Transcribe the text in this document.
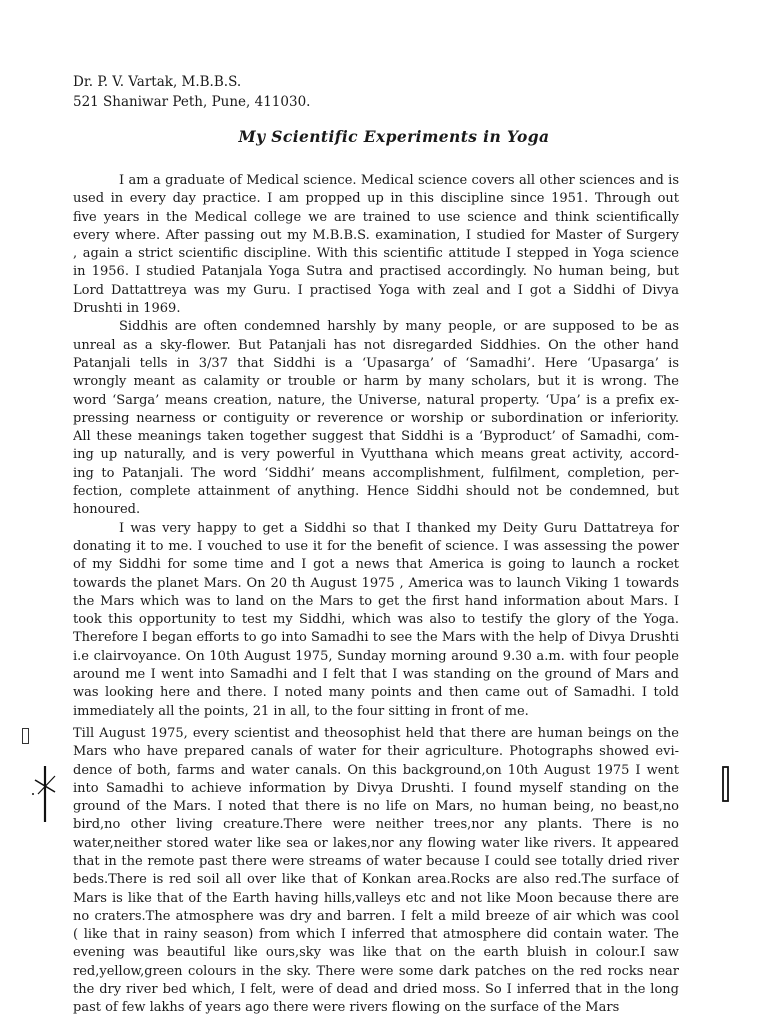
Dr. P. V. Vartak, M.B.B.S.
521 Shaniwar Peth, Pune, 411030.
My Scientific Experiments in Yoga
I am a graduate of Medical science. Medical science covers all other sciences and is
used in every day practice. I am propped up in this discipline since 1951. Through out
five years in the Medical college we are trained to use science and think scientifically
every where. After passing out my M.B.B.S. examination, I studied for Master of Surgery
, again a strict scientific discipline. With this scientific attitude I stepped in Yoga science
in 1956. I studied Patanjala Yoga Sutra and practised accordingly. No human being, but
Lord Dattattreya was my Guru. I practised Yoga with zeal and I got a Siddhi of Divya
Drushti in 1969.
Siddhis are often condemned harshly by many people, or are supposed to be as
unreal as a sky-flower. But Patanjali has not disregarded Siddhies. On the other hand
Patanjali tells in 3/37 that Siddhi is a ‘Upasarga’ of ‘Samadhi’. Here ‘Upasarga’ is
wrongly meant as calamity or trouble or harm by many scholars, but it is wrong. The
word ‘Sarga’ means creation, nature, the Universe, natural property. ‘Upa’ is a prefix ex-
pressing nearness or contiguity or reverence or worship or subordination or inferiority.
All these meanings taken together suggest that Siddhi is a ‘Byproduct’ of Samadhi, com-
ing up naturally, and is very powerful in Vyutthana which means great activity, accord-
ing to Patanjali. The word ‘Siddhi’ means accomplishment, fulfilment, completion, per-
fection, complete attainment of anything. Hence Siddhi should not be condemned, but
honoured.
I was very happy to get a Siddhi so that I thanked my Deity Guru Dattatreya for
donating it to me. I vouched to use it for the benefit of science. I was assessing the power
of my Siddhi for some time and I got a news that America is going to launch a rocket
towards the planet Mars. On 20 th August 1975 , America was to launch Viking 1 towards
the Mars which was to land on the Mars to get the first hand information about Mars. I
took this opportunity to test my Siddhi, which was also to testify the glory of the Yoga.
Therefore I began efforts to go into Samadhi to see the Mars with the help of Divya Drushti
i.e clairvoyance. On 10th August 1975, Sunday morning around 9.30 a.m. with four people
around me I went into Samadhi and I felt that I was standing on the ground of Mars and
was looking here and there. I noted many points and then came out of Samadhi. I told
immediately all the points, 21 in all, to the four sitting in front of me.
Till August 1975, every scientist and theosophist held that there are human beings on the
Mars who have prepared canals of water for their agriculture. Photographs showed evi-
dence of both, farms and water canals. On this background,on 10th August 1975 I went
into Samadhi to achieve information by Divya Drushti. I found myself standing on the
ground of the Mars. I noted that there is no life on Mars, no human being, no beast,no
bird,no other living creature.There were neither trees,nor any plants. There is no
water,neither stored water like sea or lakes,nor any flowing water like rivers. It appeared
that in the remote past there were streams of water because I could see totally dried river
beds.There is red soil all over like that of Konkan area.Rocks are also red.The surface of
Mars is like that of the Earth having hills,valleys etc and not like Moon because there are
no craters.The atmosphere was dry and barren. I felt a mild breeze of air which was cool
( like that in rainy season) from which I inferred that atmosphere did contain water. The
evening was beautiful like ours,sky was like that on the earth bluish in colour.I saw
red,yellow,green colours in the sky. There were some dark patches on the red rocks near
the dry river bed which, I felt, were of dead and dried moss. So I inferred that in the long
past of few lakhs of years ago there were rivers flowing on the surface of the Mars
